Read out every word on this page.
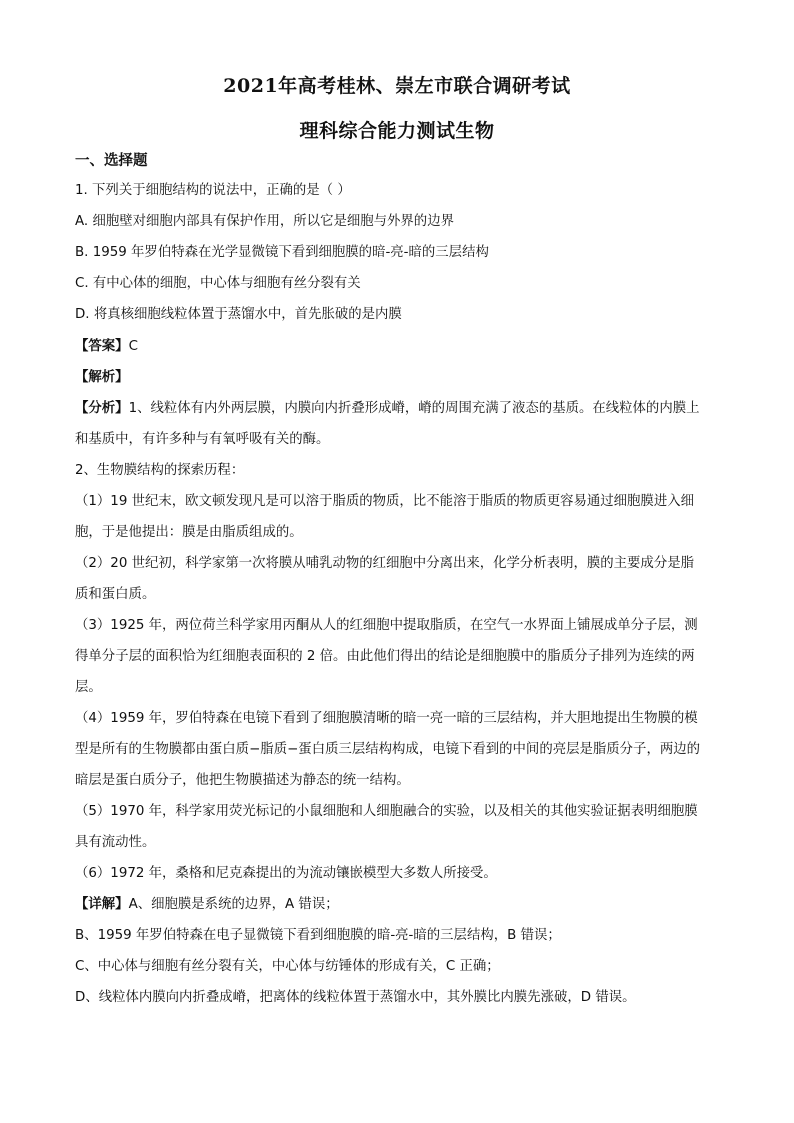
2021年高考桂林、崇左市联合调研考试
理科综合能力测试生物
一、选择题
1. 下列关于细胞结构的说法中，正确的是（ ）
A. 细胞壁对细胞内部具有保护作用，所以它是细胞与外界的边界
B. 1959 年罗伯特森在光学显微镜下看到细胞膜的暗-亮-暗的三层结构
C. 有中心体的细胞，中心体与细胞有丝分裂有关
D. 将真核细胞线粒体置于蒸馏水中，首先胀破的是内膜
【 答案 】 C
【 解析 】
【 分析 】 1、线粒体有内外两层膜，内膜向内折叠形成嵴，嵴的周围充满了液态的基质。在线粒体的内膜上
和基质中，有许多种与有氧呼吸有关的酶。
2、生物膜结构的探索历程：
（1）19 世纪末，欧文顿发现凡是可以溶于脂质的物质，比不能溶于脂质的物质更容易通过细胞膜进入细
胞，于是他提出：膜是由脂质组成的。
（2）20 世纪初，科学家第一次将膜从哺乳动物的红细胞中分离出来，化学分析表明，膜的主要成分是脂
质和蛋白质。
（3）1925 年，两位荷兰科学家用丙酮从人的红细胞中提取脂质，在空气一水界面上铺展成单分子层，测
得单分子层的面积恰为红细胞表面积的 2 倍。由此他们得出的结论是细胞膜中的脂质分子排列为连续的两
层。
（4）1959 年，罗伯特森在电镜下看到了细胞膜清晰的暗一亮一暗的三层结构，并大胆地提出生物膜的模
型是所有的生物膜都由蛋白质−脂质−蛋白质三层结构构成，电镜下看到的中间的亮层是脂质分子，两边的
暗层是蛋白质分子，他把生物膜描述为静态的统一结构。
（5）1970 年，科学家用荧光标记的小鼠细胞和人细胞融合的实验，以及相关的其他实验证据表明细胞膜
具有流动性。
（6）1972 年，桑格和尼克森提出的为流动镶嵌模型大多数人所接受。
【 详解 】 A、细胞膜是系统的边界，A 错误；
B、1959 年罗伯特森在电子显微镜下看到细胞膜的暗-亮-暗的三层结构，B 错误；
C、中心体与细胞有丝分裂有关，中心体与纺锤体的形成有关，C 正确；
D、线粒体内膜向内折叠成嵴，把离体的线粒体置于蒸馏水中，其外膜比内膜先涨破，D 错误。
